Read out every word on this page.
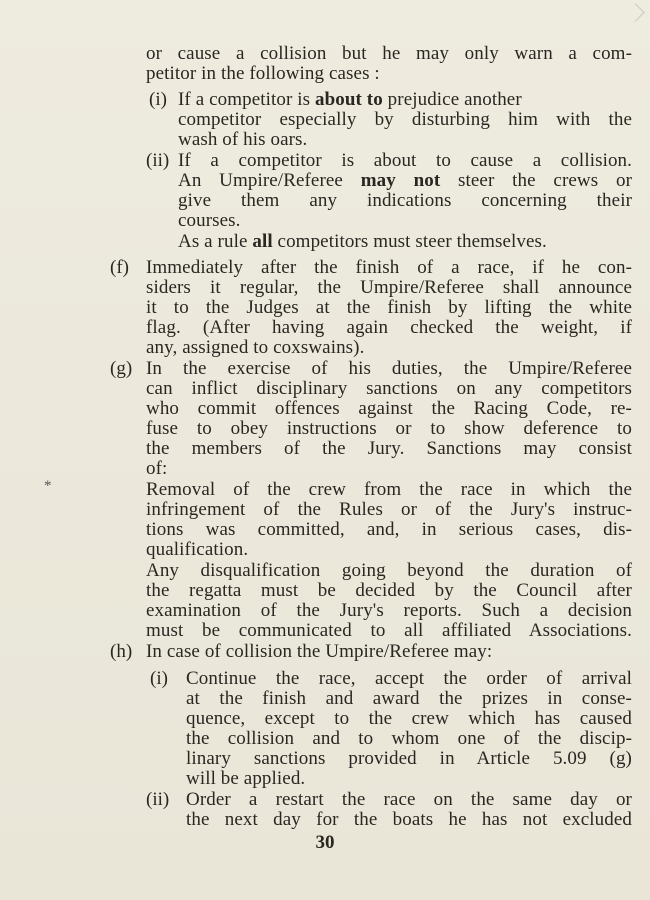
or cause a collision but he may only warn a com-
petitor in the following cases :
(i) If a competitor is about to prejudice another
competitor especially by disturbing him with the
wash of his oars.
(ii) If a competitor is about to cause a collision.
An Umpire/Referee may not steer the crews or
give them any indications concerning their
courses.
As a rule all competitors must steer themselves.
(f) Immediately after the finish of a race, if he con-
siders it regular, the Umpire/Referee shall announce
it to the Judges at the finish by lifting the white
flag. (After having again checked the weight, if
any, assigned to coxswains).
(g) In the exercise of his duties, the Umpire/Referee
can inflict disciplinary sanctions on any competitors
who commit offences against the Racing Code, re-
fuse to obey instructions or to show deference to
the members of the Jury. Sanctions may consist
of:
*	Removal of the crew from the race in which the
infringement of the Rules or of the Jury's instruc-
tions was committed, and, in serious cases, dis-
qualification.
Any disqualification going beyond the duration of
the regatta must be decided by the Council after
examination of the Jury's reports. Such a decision
must be communicated to all affiliated Associations.
(h) In case of collision the Umpire/Referee may:
(i) Continue the race, accept the order of arrival
at the finish and award the prizes in conse-
quence, except to the crew which has caused
the collision and to whom one of the discip-
linary sanctions provided in Article 5.09 (g)
will be applied.
(ii) Order a restart the race on the same day or
the next day for the boats he has not excluded
30
